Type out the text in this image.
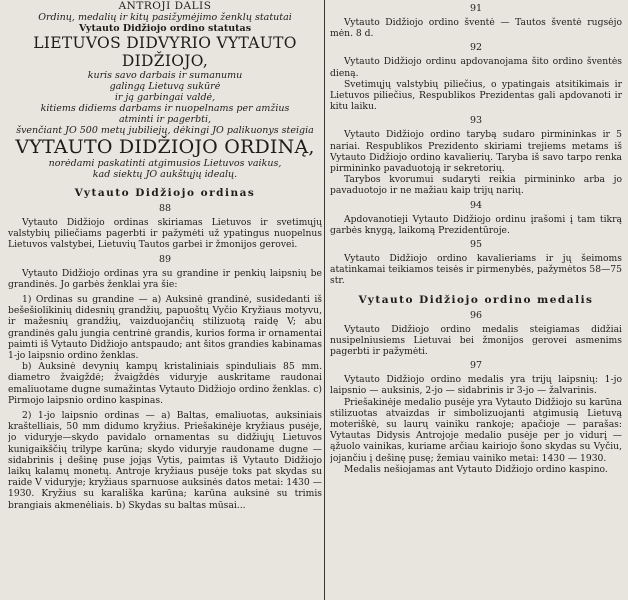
ANTROJI DALIS
Ordinų, medalių ir kitų pasižymėjimo ženklų statutai
Vytauto Didžiojo ordino statutas
LIETUVOS DIDVYRIO VYTAUTO DIDŽIOJO,
kuris savo darbais ir sumanumu
galingą Lietuvą sukūrė
ir ją garbingai valdė,
kitiems didiems darbams ir nuopelnams per amžius
atminti ir pagerbti,
švenčiant JO 500 metų jubiliejų, dėkingi JO palikuonys steigia
VYTAUTO DIDŽIOJO ORDINĄ,
norėdami paskatinti atgimusios Lietuvos vaikus,
kad siektų JO aukštųjų idealų.
Vytauto Didžiojo ordinas
88

Vytauto Didžiojo ordinas skiriamas Lietuvos ir svetimųjų valstybių piliečiams pagerbti ir pažymėti už ypatingus nuopelnus Lietuvos valstybei, Lietuvių Tautos garbei ir žmonijos gerovei.

89

Vytauto Didžiojo ordinas yra su grandine ir penkių laipsnių be grandinės. Jo garbės ženklai yra šie:

1) Ordinas su grandine — a) Auksinė grandinė, susidedanti iš bešešiolikinių didesnių grandžių, papuoštų Vyčio Kryžiaus motyvu, ir mažesnių grandžių, vaizduojančių stilizuotą raidę V; abu grandinės galu jungia centrinė grandis, kurios forma ir ornamentai paimti iš Vytauto Didžiojo antspaudo; ant šitos grandies kabinamas 1-jo laipsnio ordino ženklas.

b) Auksinė devynių kampų kristaliniais spinduliais 85 mm. diametro žvaigždė; žvaigždės viduryje auskritame raudonai emaliuotame dugne sumažintas Vytauto Didžiojo ordino ženklas. c) Pirmojo laipsnio ordino kaspinas.

2) 1-jo laipsnio ordinas — a) Baltas, emaliuotas, auksiniais kraštelliais, 50 mm didumo kryžius. Priešakinėje kryžiaus pusėje, jo viduryje—skydo pavidalo ornamentas su didžiųjų Lietuvos kunigaikščių trilype karūna; skydo viduryje raudoname dugne — sidabrinis į dešinę puse jojąs Vytis, paimtas iš Vytauto Didžiojo laikų kalamų monetų. Antroje kryžiaus pusėje toks pat skydas su raide V viduryje; kryžiaus sparnuose auksinės datos metai: 1430 — 1930. Kryžius su karališka karūna; karūna auksinė su trimis brangiais akmenėliais. b) Skydas su baltas mūsai...

91

Vytauto Didžiojo ordino šventė — Tautos šventė rugsėjo mėn. 8 d.

92

Vytauto Didžiojo ordinu apdovanojama šito ordino šventės dieną.

Svetimųjų valstybių piliečius, o ypatingais atsitikimais ir Lietuvos piliečius, Respublikos Prezidentas gali apdovanoti ir kitu laiku.

93

Vytauto Didžiojo ordino tarybą sudaro pirmininkas ir 5 nariai. Respublikos Prezidento skiriami trejiems metams iš Vytauto Didžiojo ordino kavalierių. Taryba iš savo tarpo renka pirmininko pavaduotoją ir sekretorių.

Tarybos kvorumui sudaryti reikia pirmininko arba jo pavaduotojo ir ne mažiau kaip trijų narių.

94

Apdovanotieji Vytauto Didžiojo ordinu įrašomi į tam tikrą garbės knygą, laikomą Prezidentūroje.

95

Vytauto Didžiojo ordino kavalieriams ir jų šeimoms atatinkamai teikiamos teisės ir pirmenybės, pažymėtos 58—75 str.

Vytauto Didžiojo ordino medalis
96

Vytauto Didžiojo ordino medalis steigiamas didžiai nusipelniusiems Lietuvai bei žmonijos gerovei asmenims pagerbti ir pažymėti.

97

Vytauto Didžiojo ordino medalis yra trijų laipsnių: 1-jo laipsnio — auksinis, 2-jo — sidabrinis ir 3-jo — žalvarinis.

Priešakinėje medalio pusėje yra Vytauto Didžiojo su karūna stilizuotas atvaizdas ir simbolizuojanti atgimusią Lietuvą moteriškė, su laurų vainiku rankoje; apačioje — parašas: Vytautas Didysis Antrojoje medalio pusėje per jo vidurį — ąžuolo vainikas, kuriame arčiau kairiojo šono skydas su Vyčiu, jojančiu į dešinę pusę; žemiau vainiko metai: 1430 — 1930.

Medalis nešiojamas ant Vytauto Didžiojo ordino kaspino.
